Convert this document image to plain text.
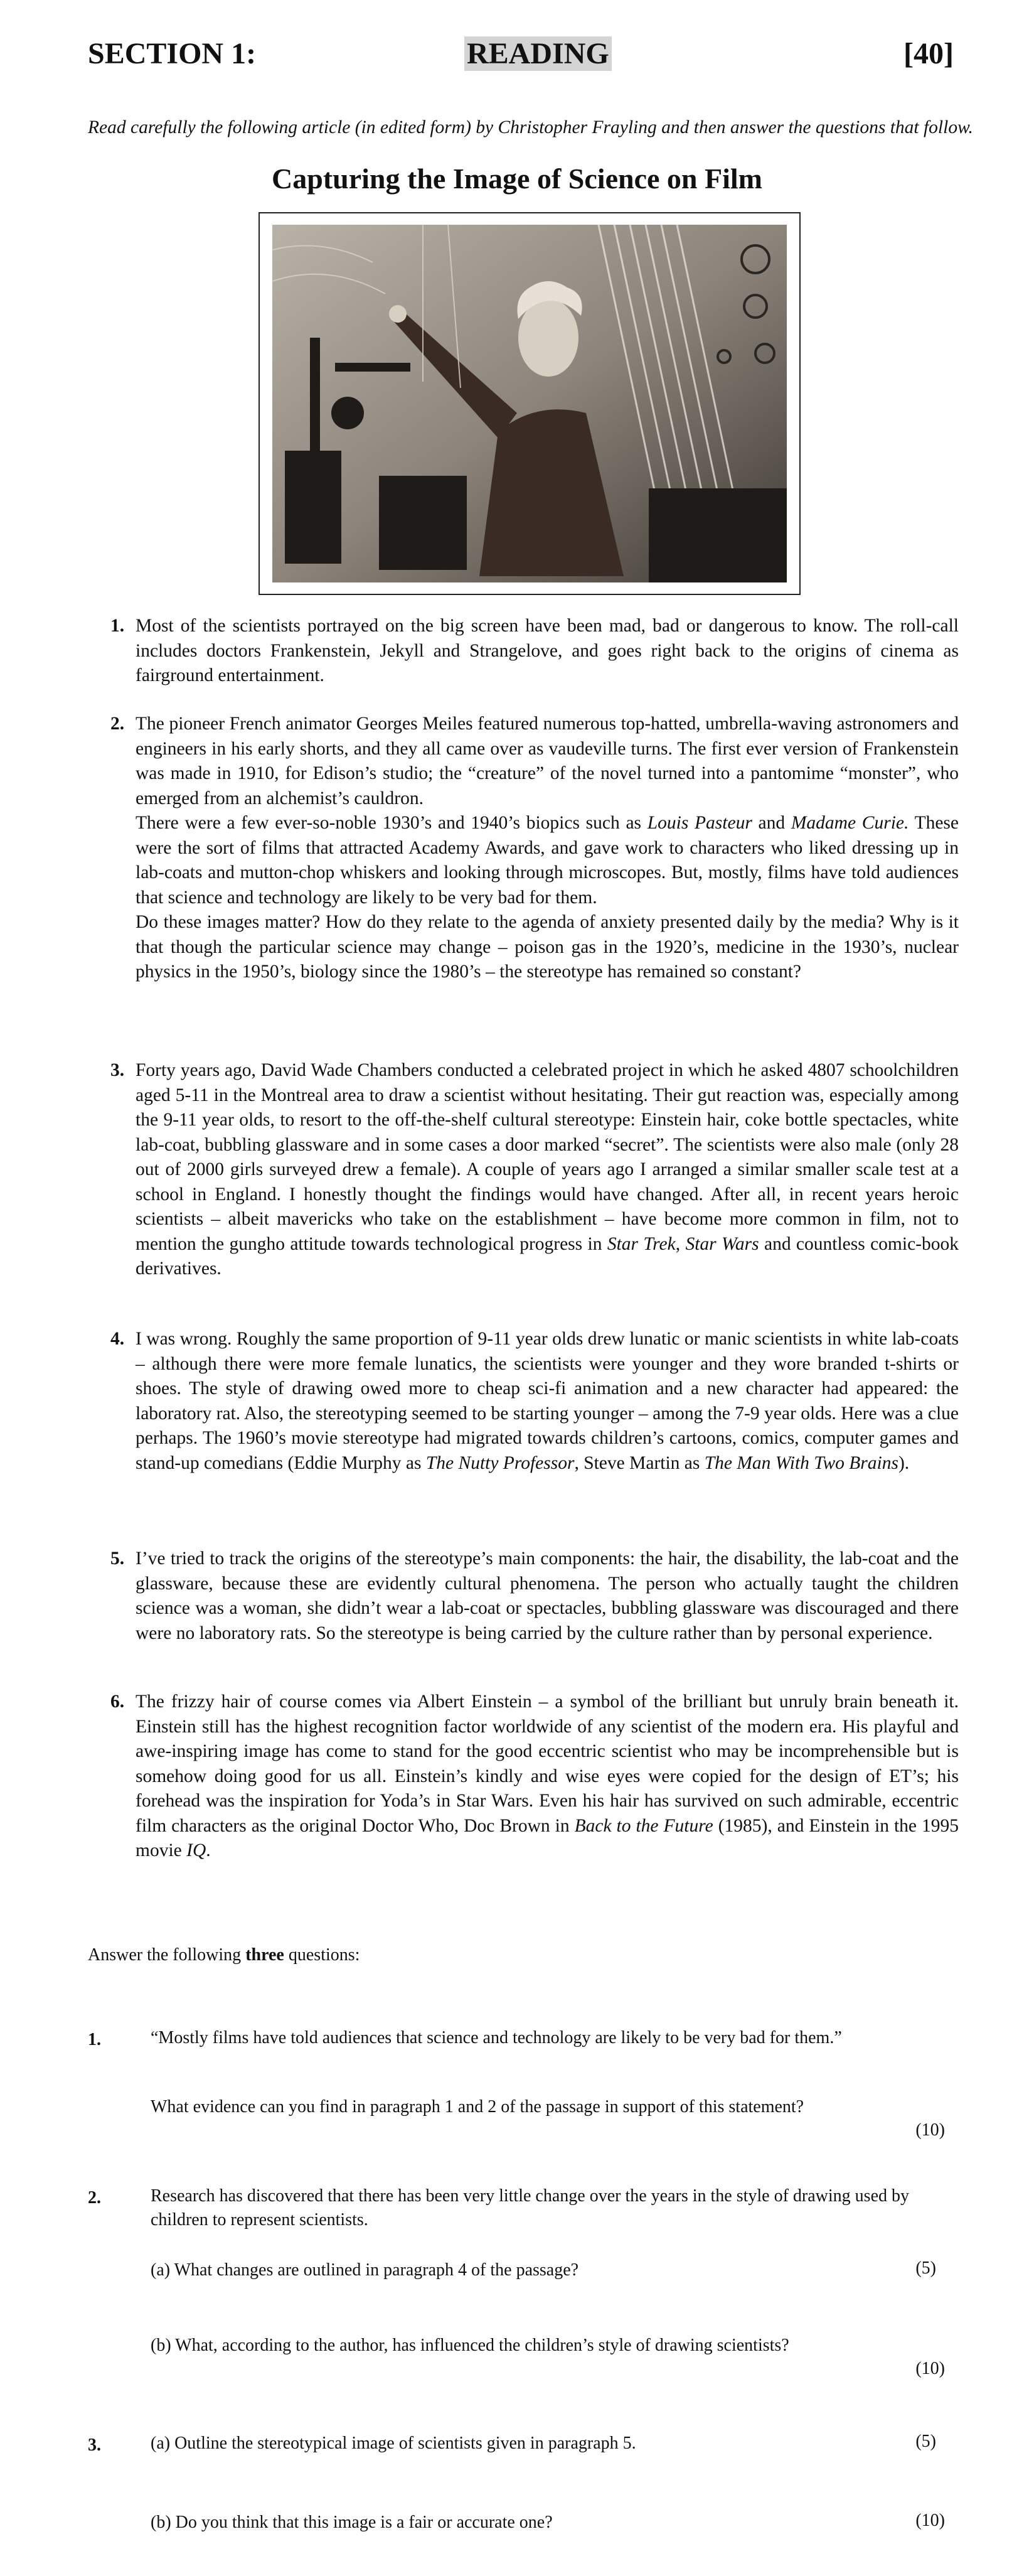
SECTION 1:	READING	[40]
Read carefully the following article (in edited form) by Christopher Frayling and then answer the questions that follow.
Capturing the Image of Science on Film
1. Most of the scientists portrayed on the big screen have been mad, bad or dangerous to know. The roll-call includes doctors Frankenstein, Jekyll and Strangelove, and goes right back to the origins of cinema as fairground entertainment.

2. The pioneer French animator Georges Meiles featured numerous top-hatted, umbrella-waving astronomers and engineers in his early shorts, and they all came over as vaudeville turns. The first ever version of Frankenstein was made in 1910, for Edison’s studio; the “creature” of the novel turned into a pantomime “monster”, who emerged from an alchemist’s cauldron.

There were a few ever-so-noble 1930’s and 1940’s biopics such as Louis Pasteur and Madame Curie. These were the sort of films that attracted Academy Awards, and gave work to characters who liked dressing up in lab-coats and mutton-chop whiskers and looking through microscopes. But, mostly, films have told audiences that science and technology are likely to be very bad for them.

Do these images matter? How do they relate to the agenda of anxiety presented daily by the media? Why is it that though the particular science may change – poison gas in the 1920’s, medicine in the 1930’s, nuclear physics in the 1950’s, biology since the 1980’s – the stereotype has remained so constant?

3. Forty years ago, David Wade Chambers conducted a celebrated project in which he asked 4807 schoolchildren aged 5-11 in the Montreal area to draw a scientist without hesitating. Their gut reaction was, especially among the 9-11 year olds, to resort to the off-the-shelf cultural stereotype: Einstein hair, coke bottle spectacles, white lab-coat, bubbling glassware and in some cases a door marked “secret”. The scientists were also male (only 28 out of 2000 girls surveyed drew a female). A couple of years ago I arranged a similar smaller scale test at a school in England. I honestly thought the findings would have changed. After all, in recent years heroic scientists – albeit mavericks who take on the establishment – have become more common in film, not to mention the gungho attitude towards technological progress in Star Trek, Star Wars and countless comic-book derivatives.

4. I was wrong. Roughly the same proportion of 9-11 year olds drew lunatic or manic scientists in white lab-coats – although there were more female lunatics, the scientists were younger and they wore branded t-shirts or shoes. The style of drawing owed more to cheap sci-fi animation and a new character had appeared: the laboratory rat. Also, the stereotyping seemed to be starting younger – among the 7-9 year olds. Here was a clue perhaps. The 1960’s movie stereotype had migrated towards children’s cartoons, comics, computer games and stand-up comedians (Eddie Murphy as The Nutty Professor, Steve Martin as The Man With Two Brains).

5. I’ve tried to track the origins of the stereotype’s main components: the hair, the disability, the lab-coat and the glassware, because these are evidently cultural phenomena. The person who actually taught the children science was a woman, she didn’t wear a lab-coat or spectacles, bubbling glassware was discouraged and there were no laboratory rats. So the stereotype is being carried by the culture rather than by personal experience.

6. The frizzy hair of course comes via Albert Einstein – a symbol of the brilliant but unruly brain beneath it. Einstein still has the highest recognition factor worldwide of any scientist of the modern era. His playful and awe-inspiring image has come to stand for the good eccentric scientist who may be incomprehensible but is somehow doing good for us all. Einstein’s kindly and wise eyes were copied for the design of ET’s; his forehead was the inspiration for Yoda’s in Star Wars. Even his hair has survived on such admirable, eccentric film characters as the original Doctor Who, Doc Brown in Back to the Future (1985), and Einstein in the 1995 movie IQ.

Answer the following three questions:
1.	“Mostly films have told audiences that science and technology are likely to be very bad for them.”
What evidence can you find in paragraph 1 and 2 of the passage in support of this statement?
(10)
2.	Research has discovered that there has been very little change over the years in the style of drawing used by children to represent scientists.
(a) What changes are outlined in paragraph 4 of the passage?	(5)
(b) What, according to the author, has influenced the children’s style of drawing scientists?
(10)
3.	(a) Outline the stereotypical image of scientists given in paragraph 5.	(5)
(b) Do you think that this image is a fair or accurate one?	(10)
